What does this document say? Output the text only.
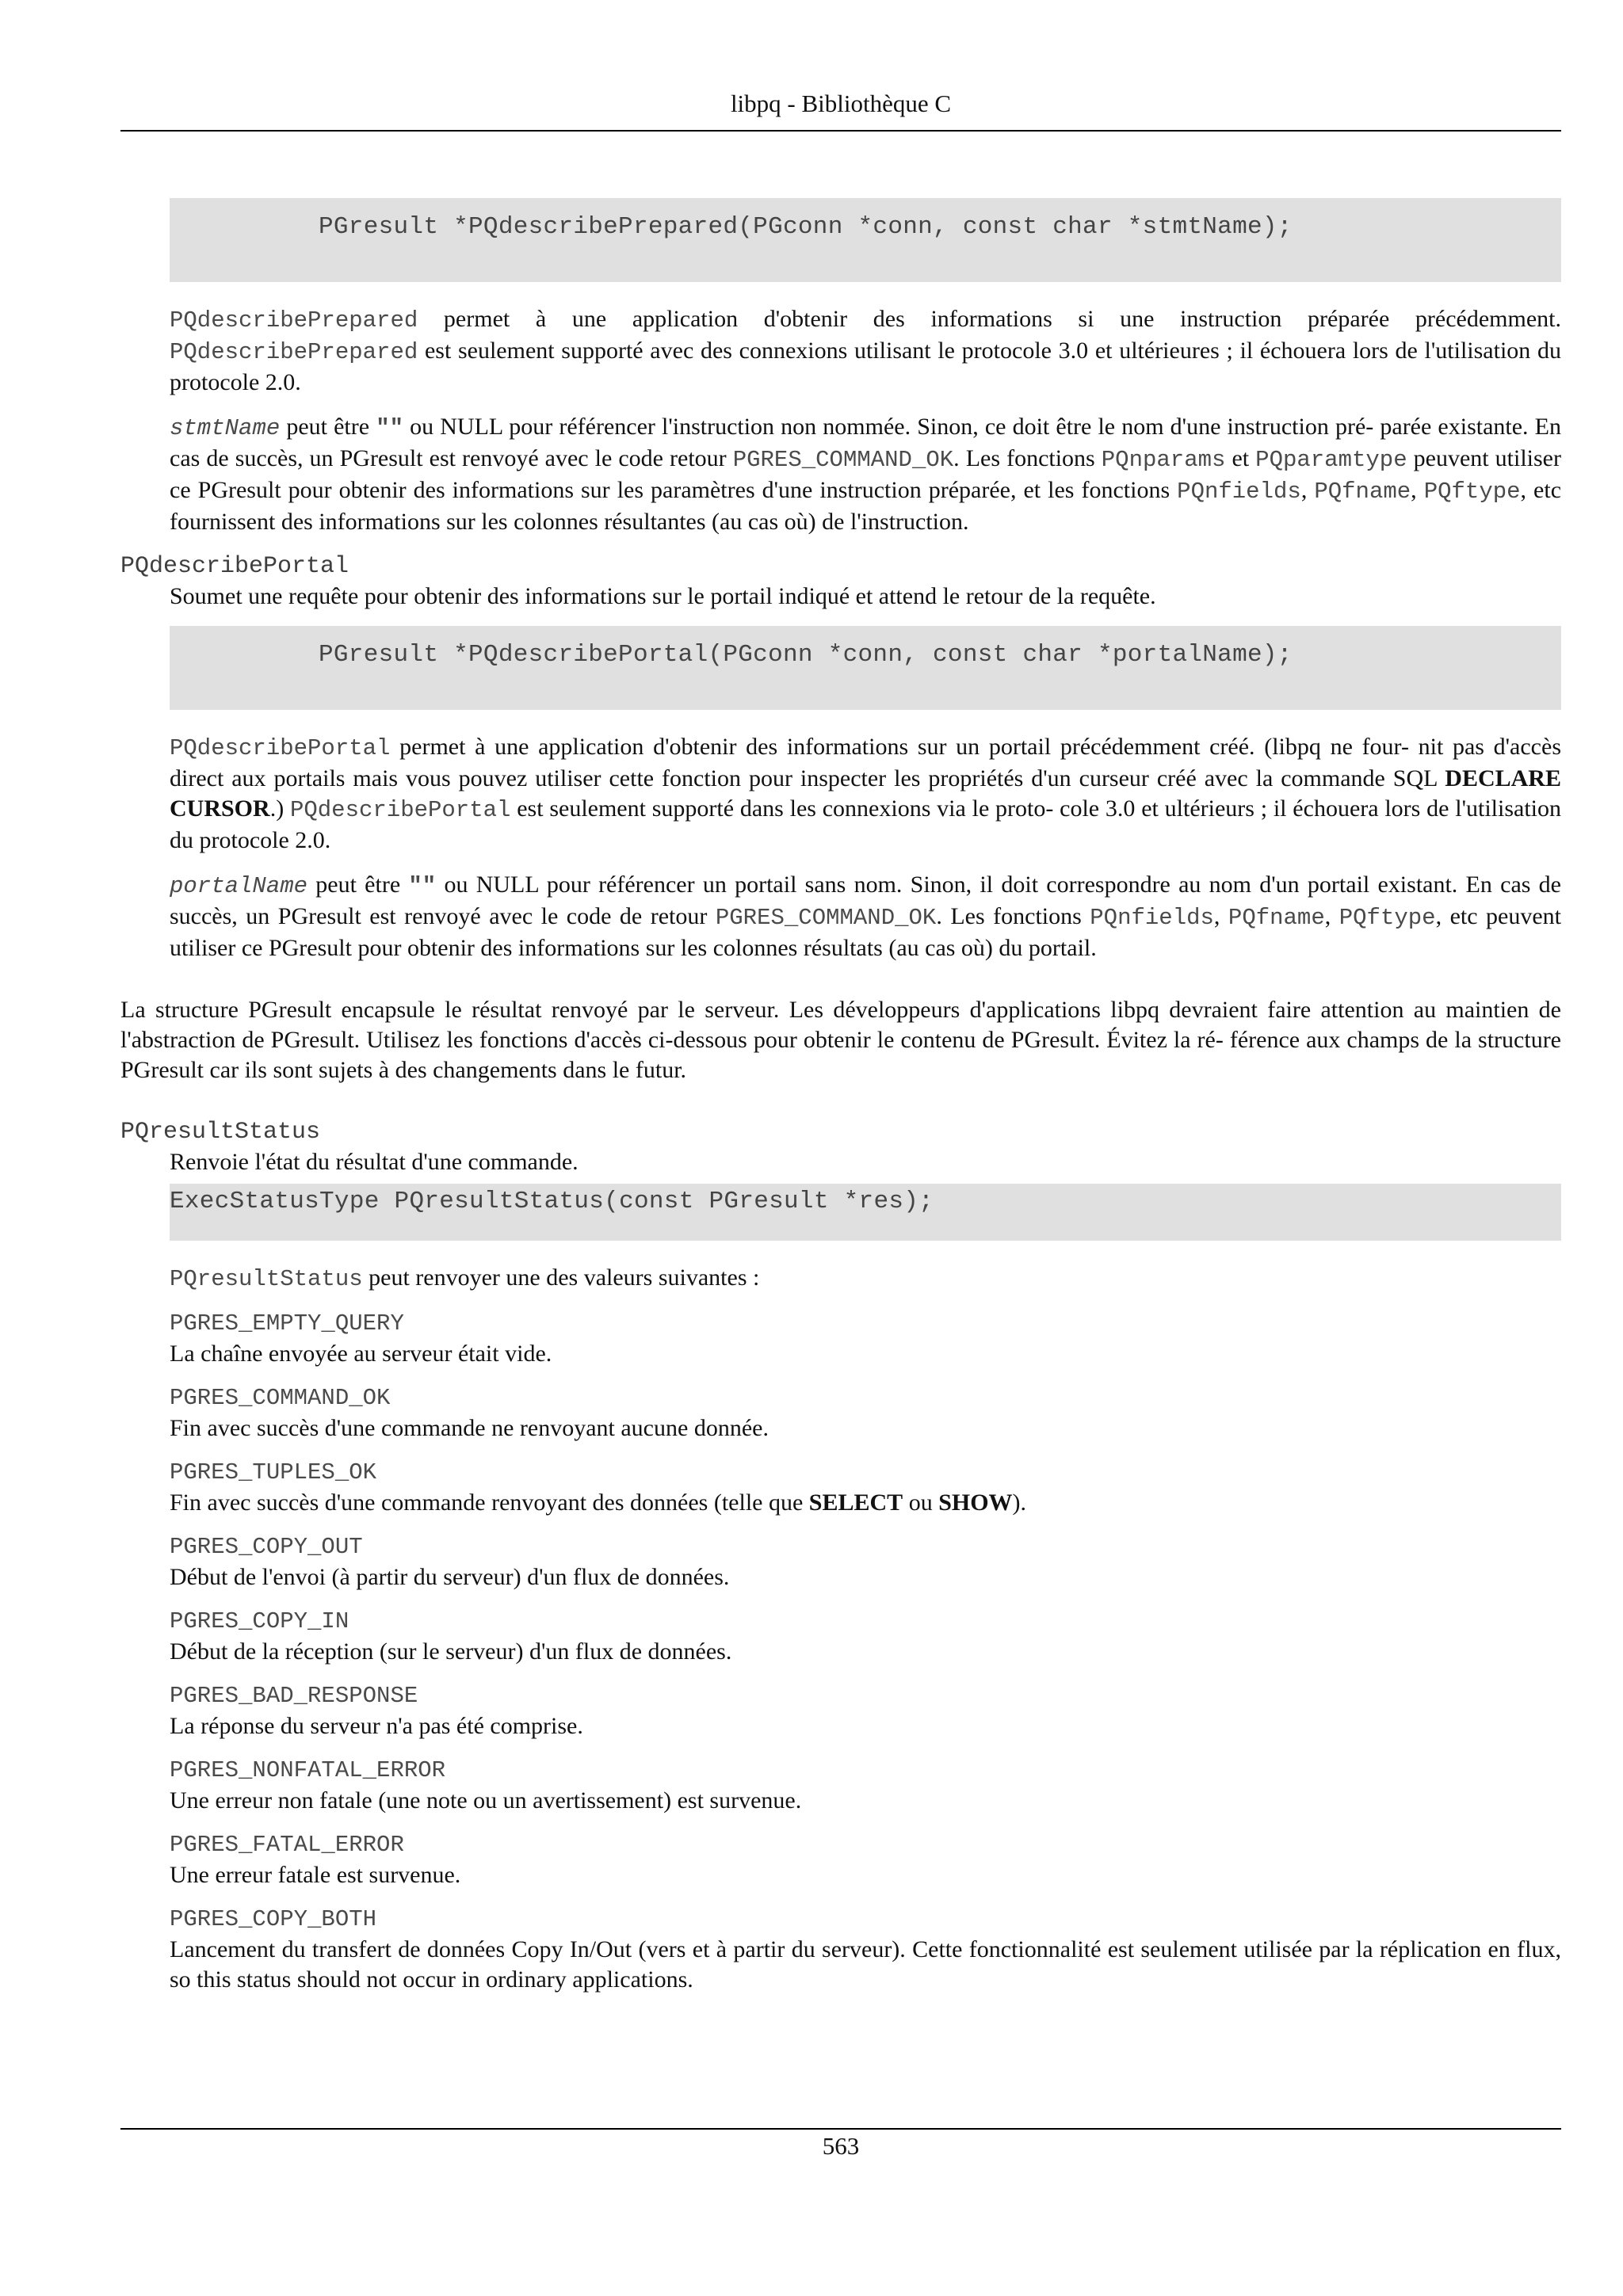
libpq - Bibliothèque C
PGresult *PQdescribePrepared(PGconn *conn, const char *stmtName);

PQdescribePrepared permet à une application d'obtenir des informations si une instruction préparée précédemment. PQdescribePrepared est seulement supporté avec des connexions utilisant le protocole 3.0 et ultérieures ; il échouera lors de l'utilisation du protocole 2.0.

stmtName peut être "" ou NULL pour référencer l'instruction non nommée. Sinon, ce doit être le nom d'une instruction pré- parée existante. En cas de succès, un PGresult est renvoyé avec le code retour PGRES_COMMAND_OK. Les fonctions PQnparams et PQparamtype peuvent utiliser ce PGresult pour obtenir des informations sur les paramètres d'une instruction préparée, et les fonctions PQnfields, PQfname, PQftype, etc fournissent des informations sur les colonnes résultantes (au cas où) de l'instruction.

PQdescribePortal

Soumet une requête pour obtenir des informations sur le portail indiqué et attend le retour de la requête.

PGresult *PQdescribePortal(PGconn *conn, const char *portalName);

PQdescribePortal permet à une application d'obtenir des informations sur un portail précédemment créé. (libpq ne four- nit pas d'accès direct aux portails mais vous pouvez utiliser cette fonction pour inspecter les propriétés d'un curseur créé avec la commande SQL DECLARE CURSOR.) PQdescribePortal est seulement supporté dans les connexions via le proto- cole 3.0 et ultérieurs ; il échouera lors de l'utilisation du protocole 2.0.

portalName peut être "" ou NULL pour référencer un portail sans nom. Sinon, il doit correspondre au nom d'un portail existant. En cas de succès, un PGresult est renvoyé avec le code de retour PGRES_COMMAND_OK. Les fonctions PQnfields, PQfname, PQftype, etc peuvent utiliser ce PGresult pour obtenir des informations sur les colonnes résultats (au cas où) du portail.

La structure PGresult encapsule le résultat renvoyé par le serveur. Les développeurs d'applications libpq devraient faire attention au maintien de l'abstraction de PGresult. Utilisez les fonctions d'accès ci-dessous pour obtenir le contenu de PGresult. Évitez la ré- férence aux champs de la structure PGresult car ils sont sujets à des changements dans le futur.

PQresultStatus

Renvoie l'état du résultat d'une commande.

ExecStatusType PQresultStatus(const PGresult *res);

PQresultStatus peut renvoyer une des valeurs suivantes :

PGRES_EMPTY_QUERY
La chaîne envoyée au serveur était vide.
PGRES_COMMAND_OK
Fin avec succès d'une commande ne renvoyant aucune donnée.
PGRES_TUPLES_OK
Fin avec succès d'une commande renvoyant des données (telle que SELECT ou SHOW).
PGRES_COPY_OUT
Début de l'envoi (à partir du serveur) d'un flux de données.
PGRES_COPY_IN
Début de la réception (sur le serveur) d'un flux de données.
PGRES_BAD_RESPONSE
La réponse du serveur n'a pas été comprise.
PGRES_NONFATAL_ERROR
Une erreur non fatale (une note ou un avertissement) est survenue.
PGRES_FATAL_ERROR
Une erreur fatale est survenue.
PGRES_COPY_BOTH
Lancement du transfert de données Copy In/Out (vers et à partir du serveur). Cette fonctionnalité est seulement utilisée par la réplication en flux, so this status should not occur in ordinary applications.
563
